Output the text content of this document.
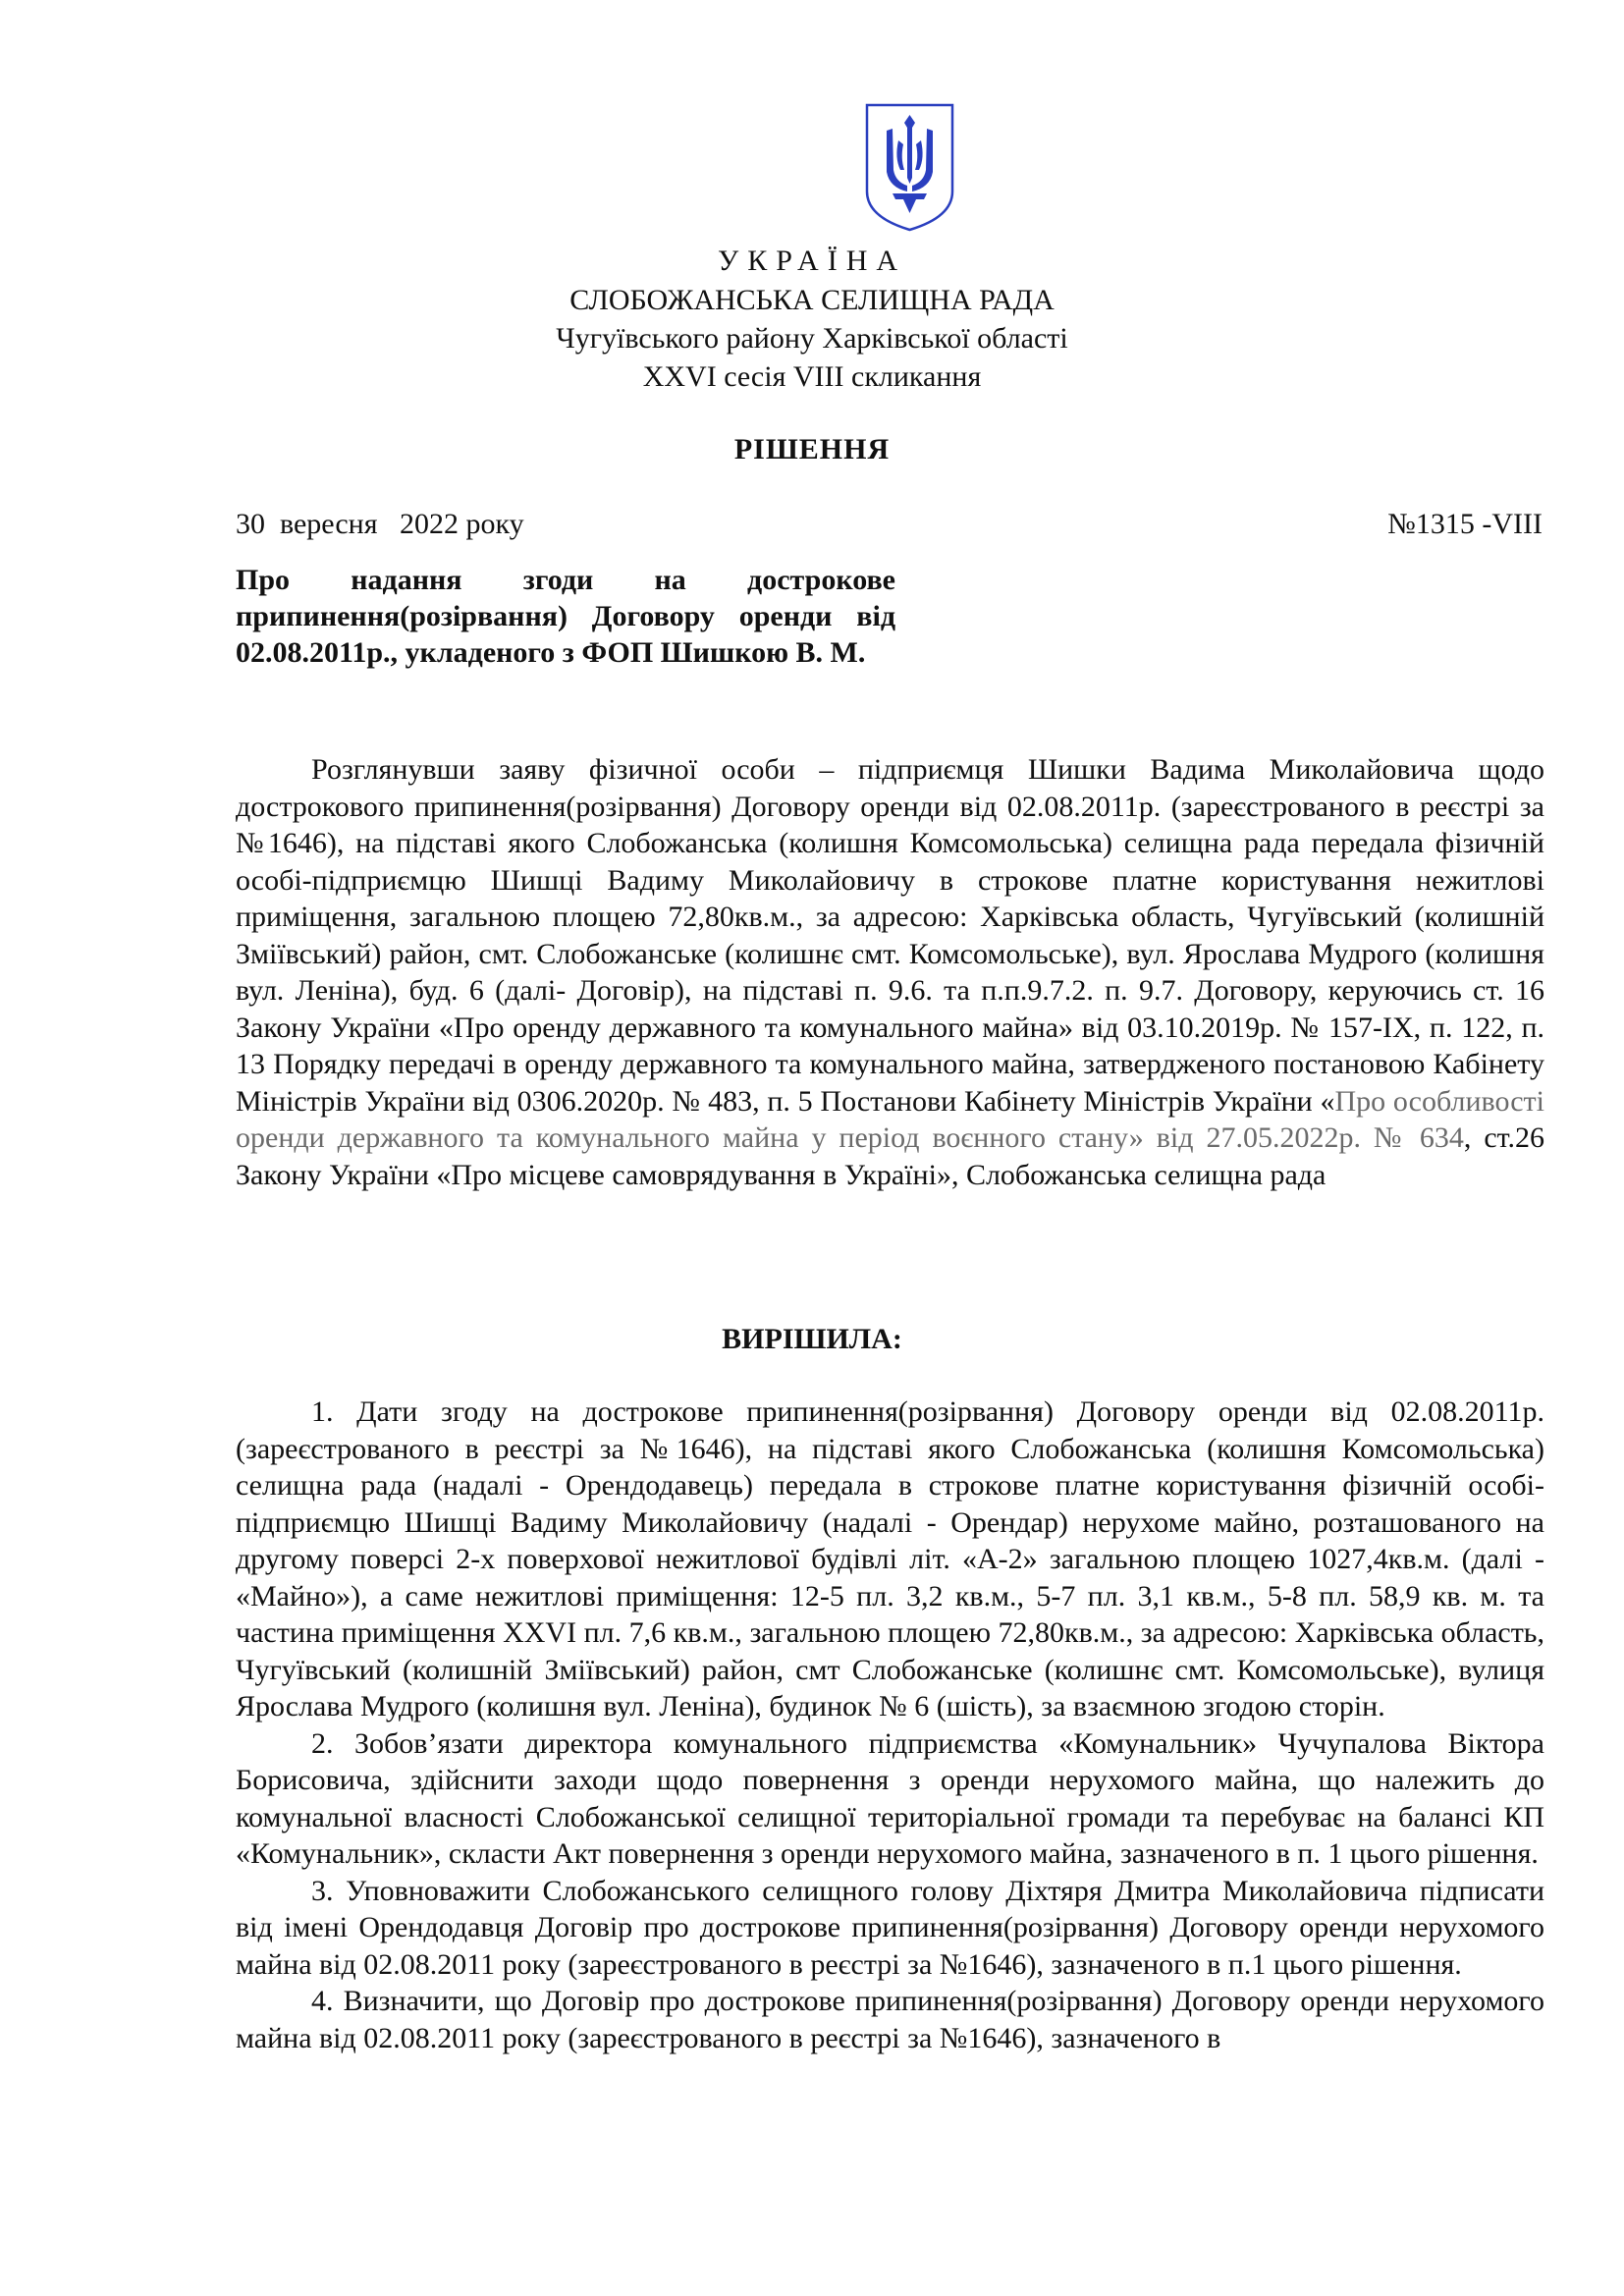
УКРАЇНА
СЛОБОЖАНСЬКА СЕЛИЩНА РАДА
Чугуївського району Харківської області
XXVI сесія VIII скликання
РІШЕННЯ
30  вересня   2022 року	№1315 -VIII
Про надання згоди на дострокове припинення(розірвання) Договору оренди від 02.08.2011р., укладеного з ФОП Шишкою В. М.

Розглянувши заяву фізичної особи – підприємця Шишки Вадима Миколайовича щодо дострокового припинення(розірвання) Договору оренди від 02.08.2011р. (зареєстрованого в реєстрі за №1646), на підставі якого Слобожанська (колишня Комсомольська) селищна рада передала фізичній особі-підприємцю Шишці Вадиму Миколайовичу в строкове платне користування нежитлові приміщення, загальною площею 72,80кв.м., за адресою: Харківська область, Чугуївський (колишній Зміївський) район, смт. Слобожанське (колишнє смт. Комсомольське), вул. Ярослава Мудрого (колишня вул. Леніна), буд. 6 (далі- Договір), на підставі п. 9.6. та п.п.9.7.2. п. 9.7. Договору, керуючись ст. 16 Закону України «Про оренду державного та комунального майна» від 03.10.2019р. № 157-IX, п. 122, п. 13 Порядку передачі в оренду державного та комунального майна, затвердженого постановою Кабінету Міністрів України від 0306.2020р. № 483, п. 5 Постанови Кабінету Міністрів України «Про особливості оренди державного та комунального майна у період воєнного стану» від 27.05.2022р. № 634, ст.26 Закону України «Про місцеве самоврядування в Україні», Слобожанська селищна рада

ВИРІШИЛА:

1. Дати згоду на дострокове припинення(розірвання) Договору оренди від 02.08.2011р. (зареєстрованого в реєстрі за №1646), на підставі якого Слобожанська (колишня Комсомольська) селищна рада (надалі - Орендодавець) передала в строкове платне користування фізичній особі-підприємцю Шишці Вадиму Миколайовичу (надалі - Орендар) нерухоме майно, розташованого на другому поверсі 2-х поверхової нежитлової будівлі літ. «А-2» загальною площею 1027,4кв.м. (далі - «Майно»), а саме нежитлові приміщення: 12-5 пл. 3,2 кв.м., 5-7 пл. 3,1 кв.м., 5-8 пл. 58,9 кв. м. та частина приміщення XXVI пл. 7,6 кв.м., загальною площею 72,80кв.м., за адресою: Харківська область, Чугуївський (колишній Зміївський) район, смт Слобожанське (колишнє смт. Комсомольське), вулиця Ярослава Мудрого (колишня вул. Леніна), будинок № 6 (шість), за взаємною згодою сторін.

2. Зобов’язати директора комунального підприємства «Комунальник» Чучупалова Віктора Борисовича, здійснити заходи щодо повернення з оренди нерухомого майна, що належить до комунальної власності Слобожанської селищної територіальної громади та перебуває на балансі КП «Комунальник», скласти Акт повернення з оренди нерухомого майна, зазначеного в п. 1 цього рішення.

3. Уповноважити Слобожанського селищного голову Діхтяря Дмитра Миколайовича підписати від імені Орендодавця Договір про дострокове припинення(розірвання) Договору оренди нерухомого майна від 02.08.2011 року (зареєстрованого в реєстрі за №1646), зазначеного в п.1 цього рішення.

4. Визначити, що Договір про дострокове припинення(розірвання) Договору оренди нерухомого майна від 02.08.2011 року (зареєстрованого в реєстрі за №1646), зазначеного в
